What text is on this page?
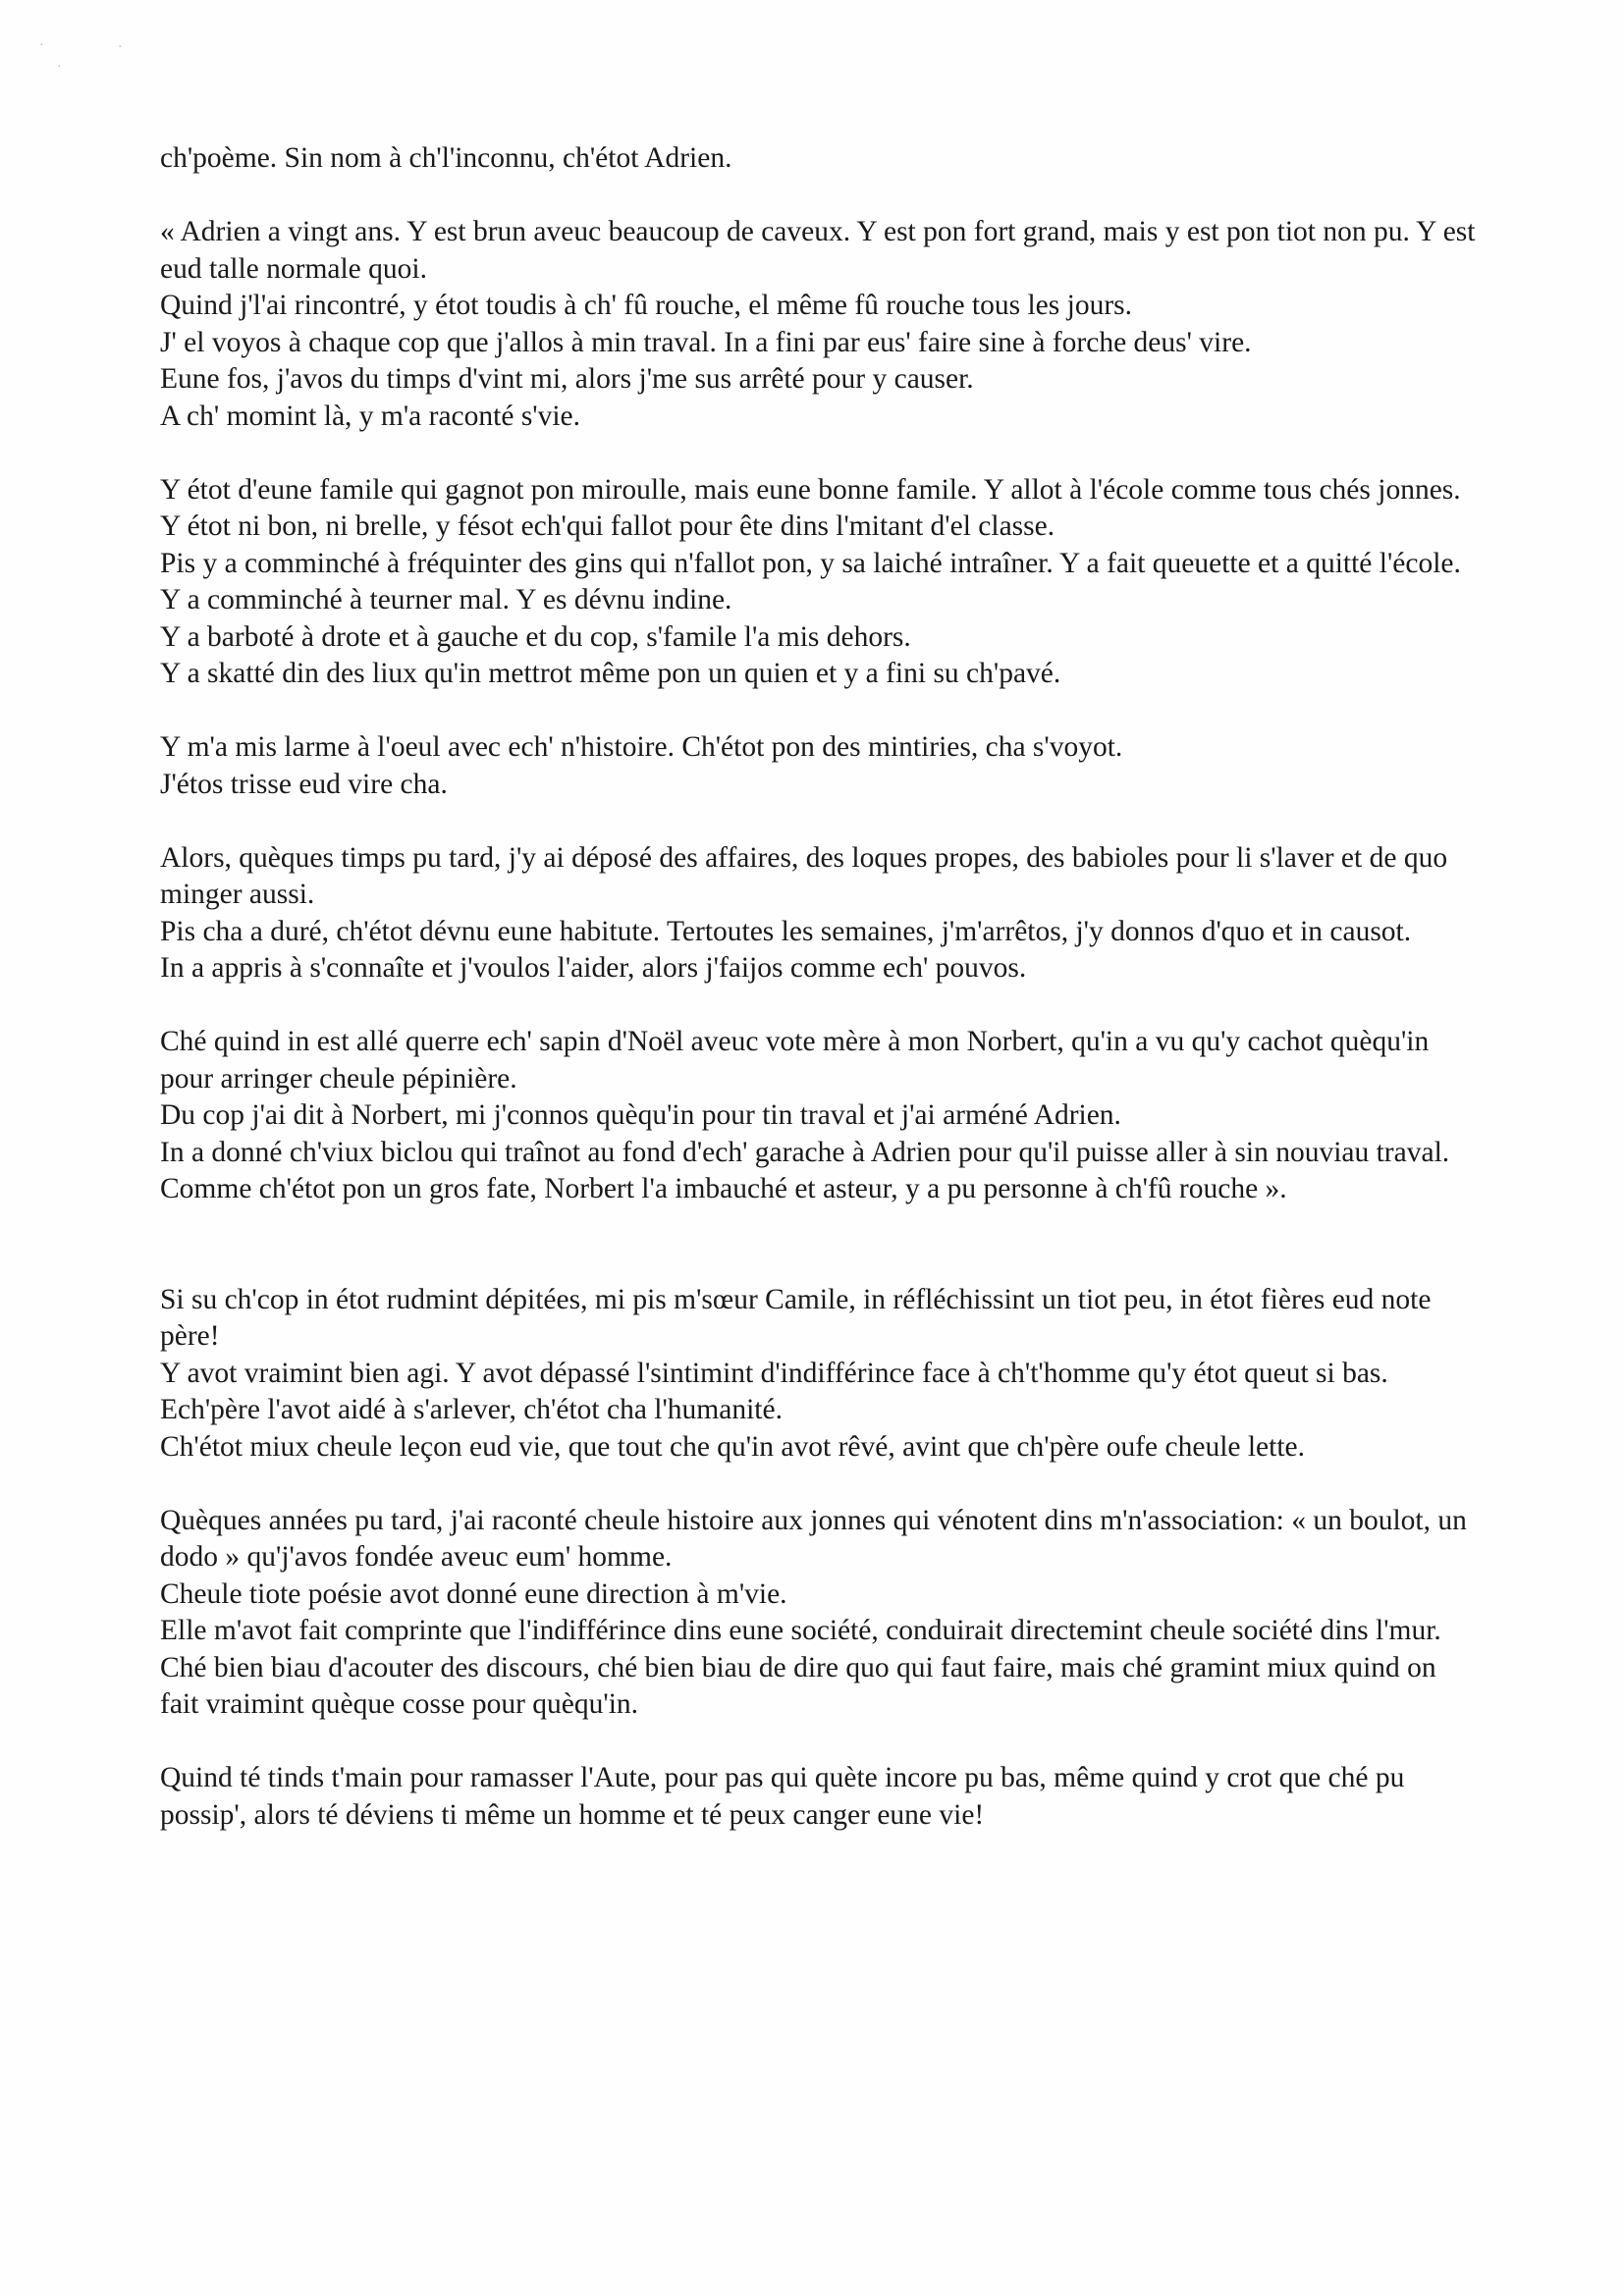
·	·
·

ch'poème. Sin nom à ch'l'inconnu, ch'étot Adrien.

« Adrien a vingt ans. Y est brun aveuc beaucoup de caveux. Y est pon fort grand, mais y est pon tiot non pu. Y est eud talle normale quoi.
Quind j'l'ai rincontré, y étot toudis à ch' fû rouche, el même fû rouche tous les jours.
J' el voyos à chaque cop que j'allos à min traval. In a fini par eus' faire sine à forche deus' vire.
Eune fos, j'avos du timps d'vint mi, alors j'me sus arrêté pour y causer.
A ch' momint là, y m'a raconté s'vie.

Y étot d'eune famile qui gagnot pon miroulle, mais eune bonne famile. Y allot à l'école comme tous chés jonnes.
Y étot ni bon, ni brelle, y fésot ech'qui fallot pour ête dins l'mitant d'el classe.
Pis y a comminché à fréquinter des gins qui n'fallot pon, y sa laiché intraîner. Y a fait queuette et a quitté l'école.
Y a comminché à teurner mal. Y es dévnu indine.
Y a barboté à drote et à gauche et du cop, s'famile l'a mis dehors.
Y a skatté din des liux qu'in mettrot même pon un quien et y a fini su ch'pavé.

Y m'a mis larme à l'oeul avec ech' n'histoire. Ch'étot pon des mintiries, cha s'voyot.
J'étos trisse eud vire cha.

Alors, quèques timps pu tard, j'y ai déposé des affaires, des loques propes, des babioles pour li s'laver et de quo minger aussi.
Pis cha a duré, ch'étot dévnu eune habitute. Tertoutes les semaines, j'm'arrêtos, j'y donnos d'quo et in causot.
In a appris à s'connaîte et j'voulos l'aider, alors j'faijos comme ech' pouvos.

Ché quind in est allé querre ech' sapin d'Noël aveuc vote mère à mon Norbert, qu'in a vu qu'y cachot quèqu'in pour arringer cheule pépinière.
Du cop j'ai dit à Norbert, mi j'connos quèqu'in pour tin traval et j'ai arméné Adrien.
In a donné ch'viux biclou qui traînot au fond d'ech' garache à Adrien pour qu'il puisse aller à sin nouviau traval.
Comme ch'étot pon un gros fate, Norbert l'a imbauché et asteur, y a pu personne à ch'fû rouche ».

Si su ch'cop in étot rudmint dépitées, mi pis m'sœur Camile, in réfléchissint un tiot peu, in étot fières eud note père!
Y avot vraimint bien agi. Y avot dépassé l'sintimint d'indifférince face à ch't'homme qu'y étot queut si bas.
Ech'père l'avot aidé à s'arlever, ch'étot cha l'humanité.
Ch'étot miux cheule leçon eud vie, que tout che qu'in avot rêvé, avint que ch'père oufe cheule lette.

Quèques années pu tard, j'ai raconté cheule histoire aux jonnes qui vénotent dins m'n'association: « un boulot, un dodo » qu'j'avos fondée aveuc eum' homme.
Cheule tiote poésie avot donné eune direction à m'vie.
Elle m'avot fait comprinte que l'indifférince dins eune société, conduirait directemint cheule société dins l'mur.
Ché bien biau d'acouter des discours, ché bien biau de dire quo qui faut faire, mais ché gramint miux quind on fait vraimint quèque cosse pour quèqu'in.

Quind té tinds t'main pour ramasser l'Aute, pour pas qui quète incore pu bas, même quind y crot que ché pu possip', alors té déviens ti même un homme et té peux canger eune vie!
